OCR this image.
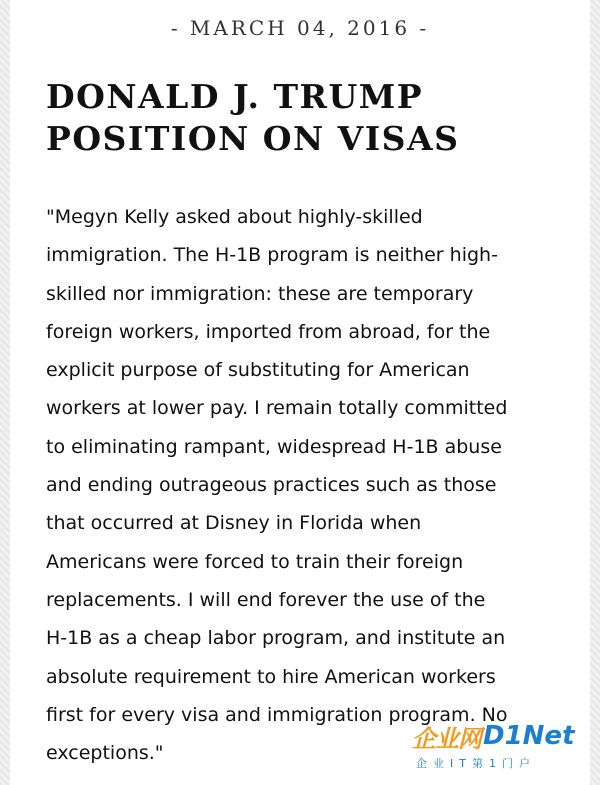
- MARCH 04, 2016 -
DONALD J. TRUMP
POSITION ON VISAS
"Megyn Kelly asked about highly-skilled
immigration. The H-1B program is neither high-
skilled nor immigration: these are temporary
foreign workers, imported from abroad, for the
explicit purpose of substituting for American
workers at lower pay. I remain totally committed
to eliminating rampant, widespread H-1B abuse
and ending outrageous practices such as those
that occurred at Disney in Florida when
Americans were forced to train their foreign
replacements. I will end forever the use of the
H-1B as a cheap labor program, and institute an
absolute requirement to hire American workers
first for every visa and immigration program. No
exceptions."
企业网 D1Net
企业IT第1门户
